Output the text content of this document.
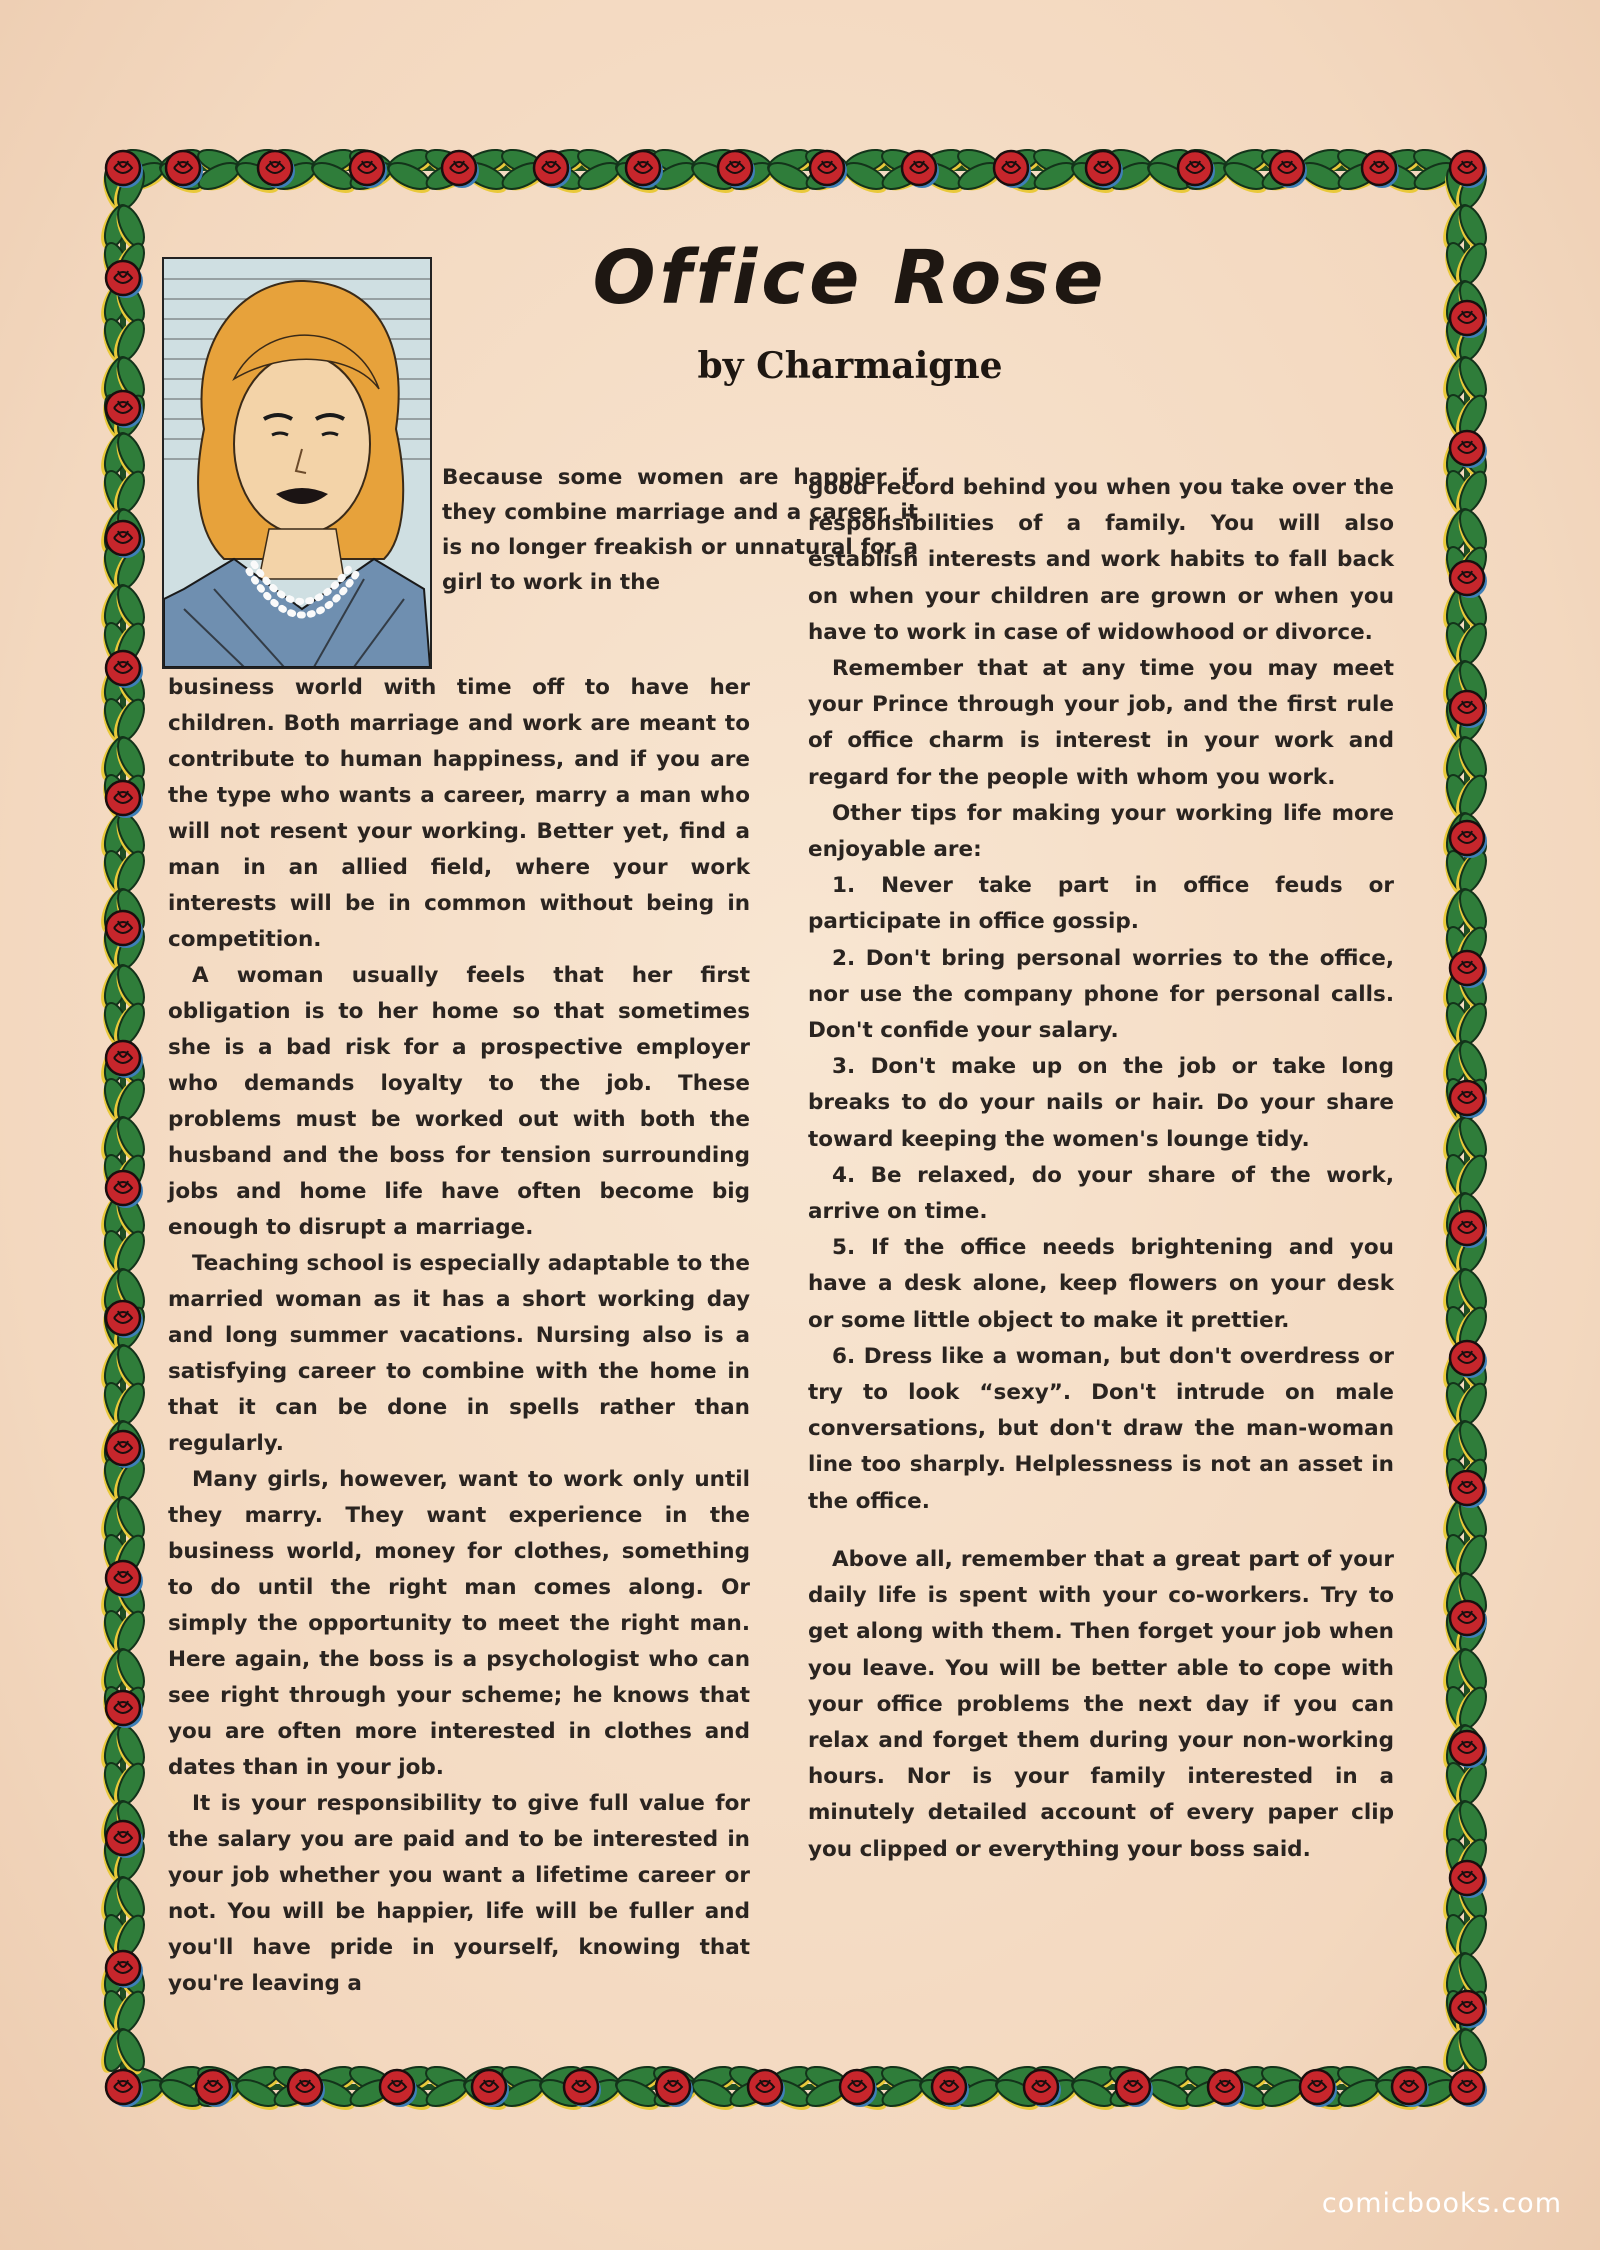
Office Rose
by Charmaigne

Because some women are happier if they combine marriage and a career, it is no longer freakish or unnatural for a girl to work in the

business world with time off to have her children. Both marriage and work are meant to contribute to human happiness, and if you are the type who wants a career, marry a man who will not resent your working. Better yet, find a man in an allied field, where your work interests will be in common without being in competition.

A woman usually feels that her first obligation is to her home so that sometimes she is a bad risk for a prospective employer who demands loyalty to the job. These problems must be worked out with both the husband and the boss for tension surrounding jobs and home life have often become big enough to disrupt a marriage.

Teaching school is especially adaptable to the married woman as it has a short working day and long summer vacations. Nursing also is a satisfying career to combine with the home in that it can be done in spells rather than regularly.

Many girls, however, want to work only until they marry. They want experience in the business world, money for clothes, something to do until the right man comes along. Or simply the opportunity to meet the right man. Here again, the boss is a psychologist who can see right through your scheme; he knows that you are often more interested in clothes and dates than in your job.

It is your responsibility to give full value for the salary you are paid and to be interested in your job whether you want a lifetime career or not. You will be happier, life will be fuller and you'll have pride in yourself, knowing that you're leaving a

good record behind you when you take over the responsibilities of a family. You will also establish interests and work habits to fall back on when your children are grown or when you have to work in case of widowhood or divorce.

Remember that at any time you may meet your Prince through your job, and the first rule of office charm is interest in your work and regard for the people with whom you work.

Other tips for making your working life more enjoyable are:

1. Never take part in office feuds or participate in office gossip.

2. Don't bring personal worries to the office, nor use the company phone for personal calls. Don't confide your salary.

3. Don't make up on the job or take long breaks to do your nails or hair. Do your share toward keeping the women's lounge tidy.

4. Be relaxed, do your share of the work, arrive on time.

5. If the office needs brightening and you have a desk alone, keep flowers on your desk or some little object to make it prettier.

6. Dress like a woman, but don't overdress or try to look “sexy”. Don't intrude on male conversations, but don't draw the man-woman line too sharply. Helplessness is not an asset in the office.

Above all, remember that a great part of your daily life is spent with your co-workers. Try to get along with them. Then forget your job when you leave. You will be better able to cope with your office problems the next day if you can relax and forget them during your non-working hours. Nor is your family interested in a minutely detailed account of every paper clip you clipped or everything your boss said.

comicbooks.com
